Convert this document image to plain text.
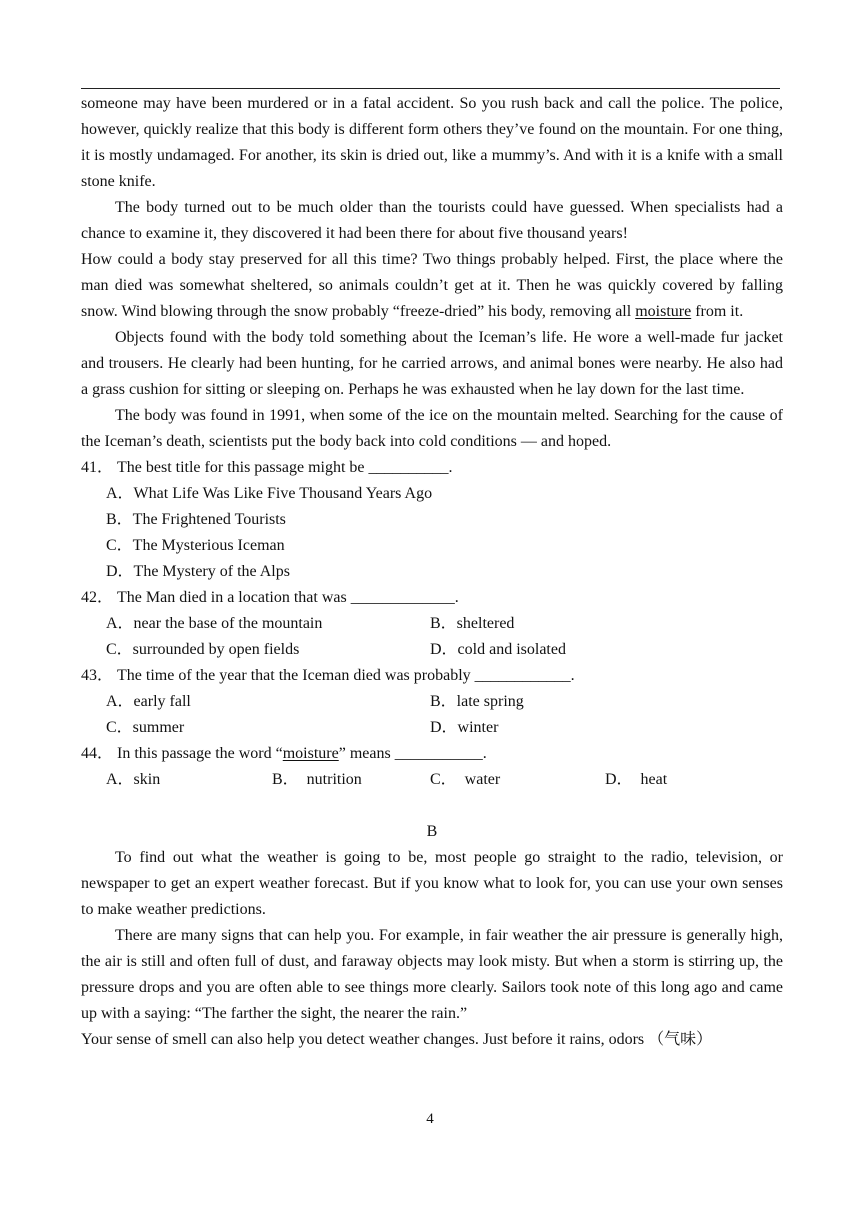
someone may have been murdered or in a fatal accident. So you rush back and call the police. The police, however, quickly realize that this body is different form others they’ve found on the mountain. For one thing, it is mostly undamaged. For another, its skin is dried out, like a mummy’s. And with it is a knife with a small stone knife.

The body turned out to be much older than the tourists could have guessed. When specialists had a chance to examine it, they discovered it had been there for about five thousand years!

How could a body stay preserved for all this time? Two things probably helped. First, the place where the man died was somewhat sheltered, so animals couldn’t get at it. Then he was quickly covered by falling snow. Wind blowing through the snow probably “freeze-dried” his body, removing all moisture from it.

Objects found with the body told something about the Iceman’s life. He wore a well-made fur jacket and trousers. He clearly had been hunting, for he carried arrows, and animal bones were nearby. He also had a grass cushion for sitting or sleeping on. Perhaps he was exhausted when he lay down for the last time.

The body was found in 1991, when some of the ice on the mountain melted. Searching for the cause of the Iceman’s death, scientists put the body back into cold conditions — and hoped.

41． The best title for this passage might be __________.

A．What Life Was Like Five Thousand Years Ago

B．The Frightened Tourists

C．The Mysterious Iceman

D．The Mystery of the Alps

42． The Man died in a location that was _____________.

A．near the base of the mountain	B．sheltered
C．surrounded by open fields	D．cold and isolated

43． The time of the year that the Iceman died was probably ____________.

A．early fall	B．late spring
C．summer	D．winter

44． In this passage the word “moisture” means ___________.

A．skin	B．  nutrition	C．  water	D．  heat

B

To find out what the weather is going to be, most people go straight to the radio, television, or newspaper to get an expert weather forecast. But if you know what to look for, you can use your own senses to make weather predictions.

There are many signs that can help you. For example, in fair weather the air pressure is generally high, the air is still and often full of dust, and faraway objects may look misty. But when a storm is stirring up, the pressure drops and you are often able to see things more clearly. Sailors took note of this long ago and came up with a saying: “The farther the sight, the nearer the rain.”

Your sense of smell can also help you detect weather changes. Just before it rains, odors （气味）

4
